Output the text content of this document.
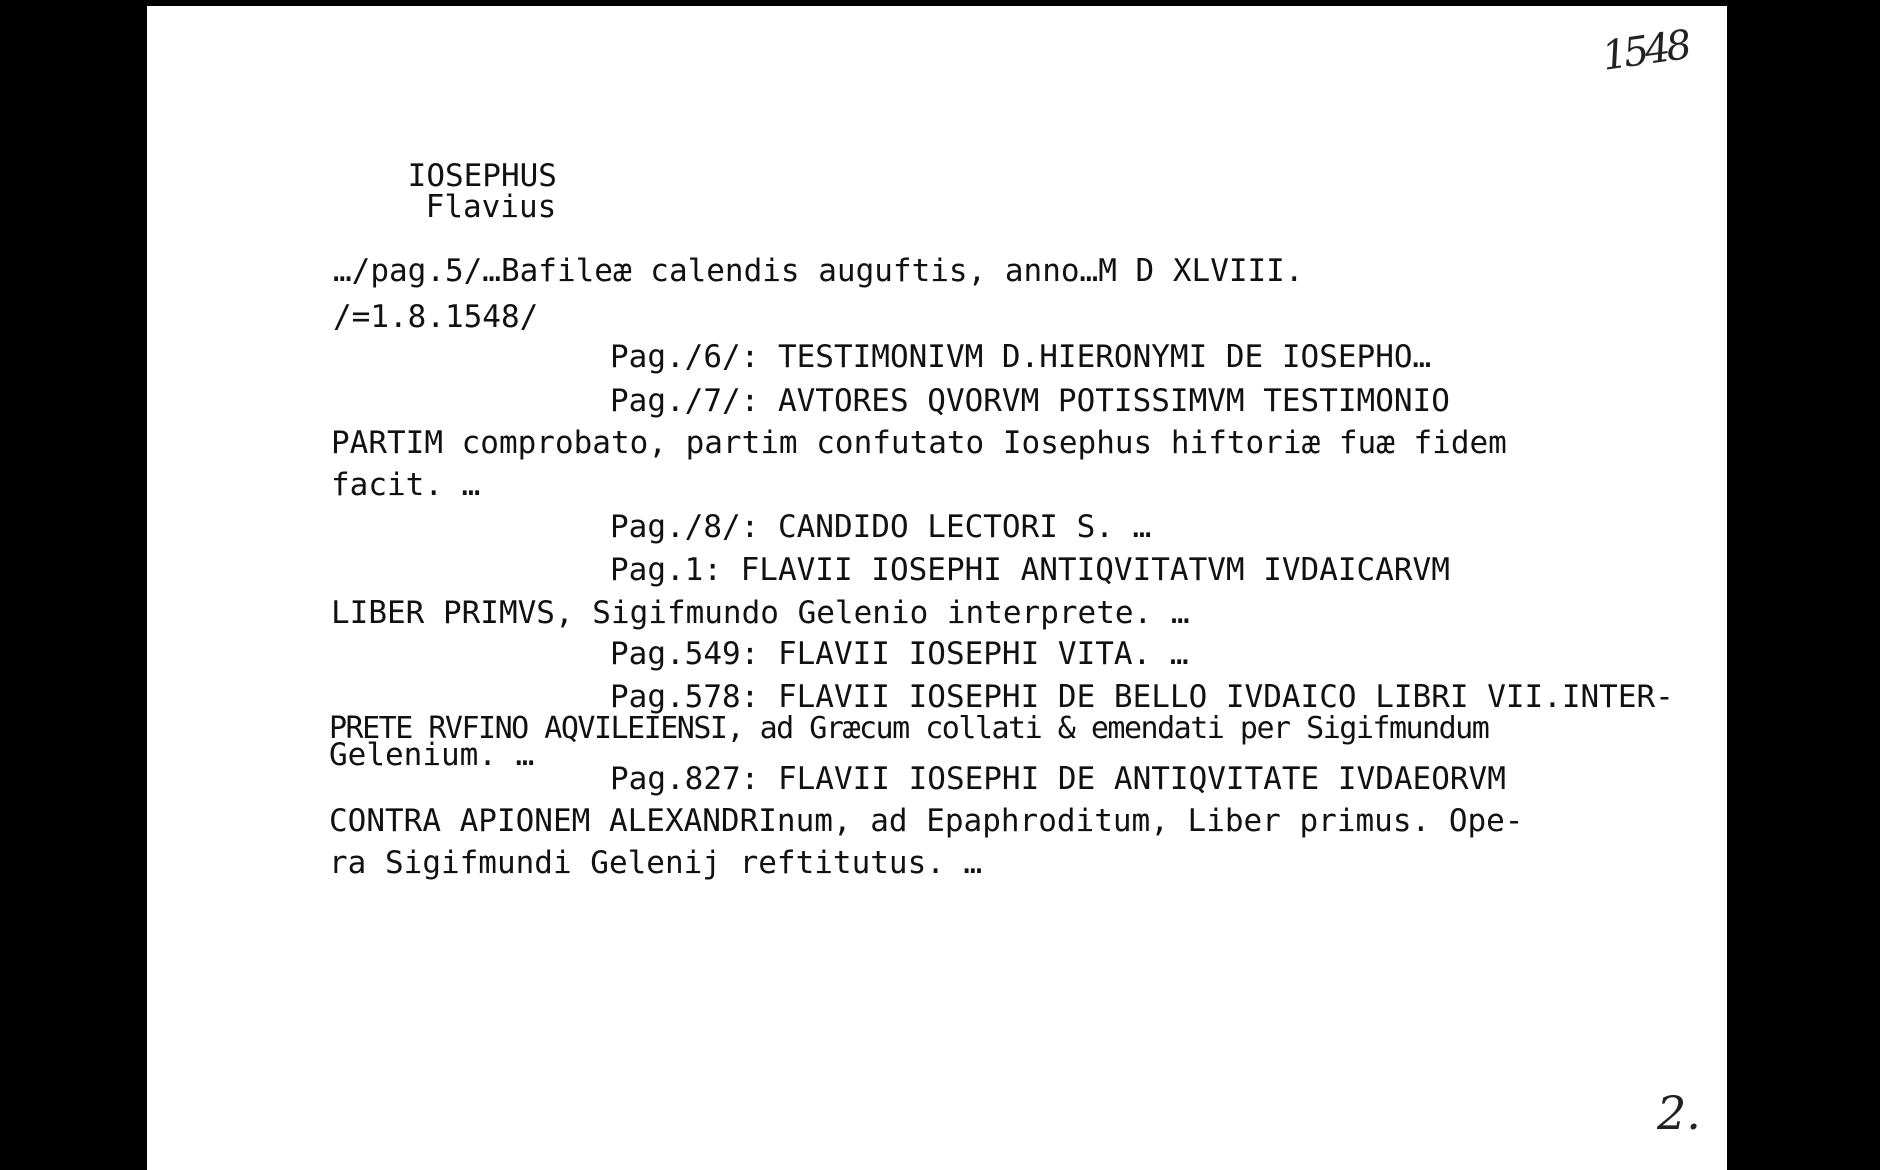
1548

IOSEPHUS
Flavius

…/pag.5/…Bafileæ calendis auguftis, anno…M D XLVIII.
/=1.8.1548/
Pag./6/: TESTIMONIVM D.HIERONYMI DE IOSEPHO…
Pag./7/: AVTORES QVORVM POTISSIMVM TESTIMONIO
PARTIM comprobato, partim confutato Iosephus hiftoriæ fuæ fidem
facit. …
Pag./8/: CANDIDO LECTORI S. …
Pag.1: FLAVII IOSEPHI ANTIQVITATVM IVDAICARVM
LIBER PRIMVS, Sigifmundo Gelenio interprete. …
Pag.549: FLAVII IOSEPHI VITA. …
Pag.578: FLAVII IOSEPHI DE BELLO IVDAICO LIBRI VII.INTER-
PRETE RVFINO AQVILEIENSI, ad Græcum collati & emendati per Sigifmundum
Gelenium. …
Pag.827: FLAVII IOSEPHI DE ANTIQVITATE IVDAEORVM
CONTRA APIONEM ALEXANDRInum, ad Epaphroditum, Liber primus. Ope-
ra Sigifmundi Gelenij reftitutus. …
2.
